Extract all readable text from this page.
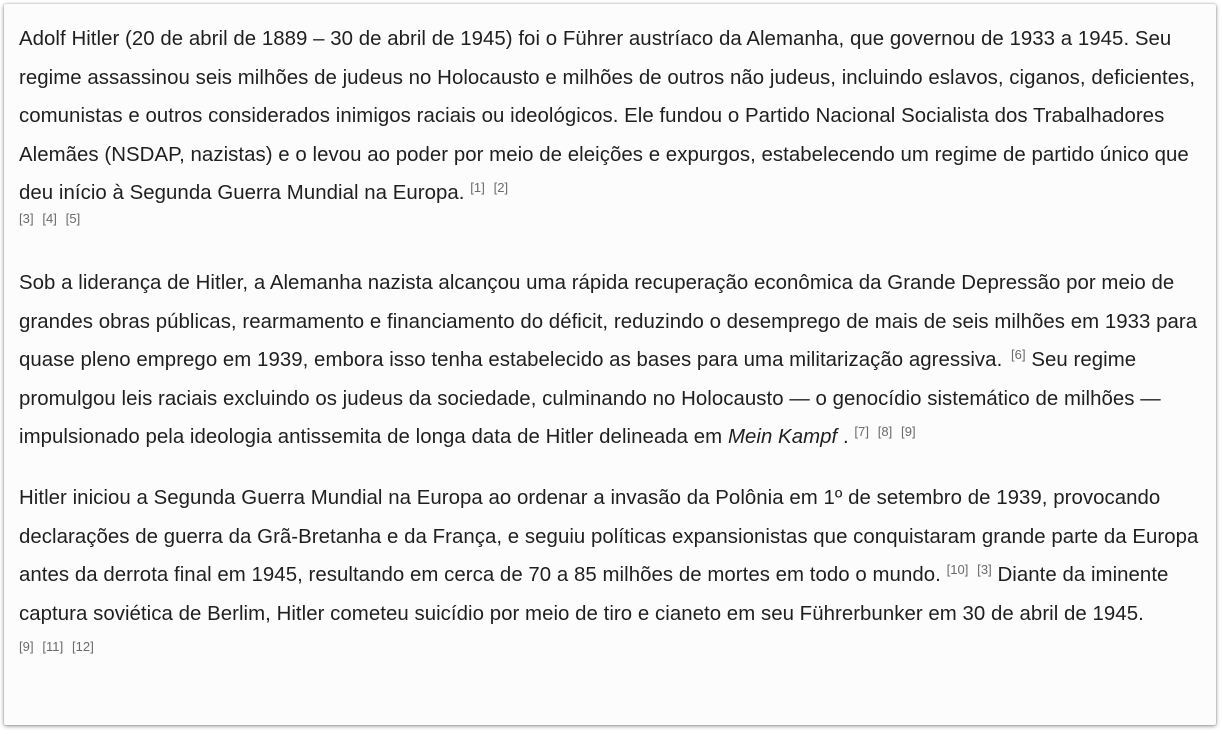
Adolf Hitler (20 de abril de 1889 – 30 de abril de 1945) foi o Führer austríaco da Alemanha, que governou de 1933 a 1945. Seu regime assassinou seis milhões de judeus no Holocausto e milhões de outros não judeus, incluindo eslavos, ciganos, deficientes, comunistas e outros considerados inimigos raciais ou ideológicos. Ele fundou o Partido Nacional Socialista dos Trabalhadores Alemães (NSDAP, nazistas) e o levou ao poder por meio de eleições e expurgos, estabelecendo um regime de partido único que deu início à Segunda Guerra Mundial na Europa. [1] [2]
[3] [4] [5]

Sob a liderança de Hitler, a Alemanha nazista alcançou uma rápida recuperação econômica da Grande Depressão por meio de grandes obras públicas, rearmamento e financiamento do déficit, reduzindo o desemprego de mais de seis milhões em 1933 para quase pleno emprego em 1939, embora isso tenha estabelecido as bases para uma militarização agressiva. [6] Seu regime promulgou leis raciais excluindo os judeus da sociedade, culminando no Holocausto — o genocídio sistemático de milhões — impulsionado pela ideologia antissemita de longa data de Hitler delineada em Mein Kampf . [7] [8] [9]

Hitler iniciou a Segunda Guerra Mundial na Europa ao ordenar a invasão da Polônia em 1º de setembro de 1939, provocando declarações de guerra da Grã-Bretanha e da França, e seguiu políticas expansionistas que conquistaram grande parte da Europa antes da derrota final em 1945, resultando em cerca de 70 a 85 milhões de mortes em todo o mundo. [10] [3] Diante da iminente captura soviética de Berlim, Hitler cometeu suicídio por meio de tiro e cianeto em seu Führerbunker em 30 de abril de 1945. [9] [11] [12]
